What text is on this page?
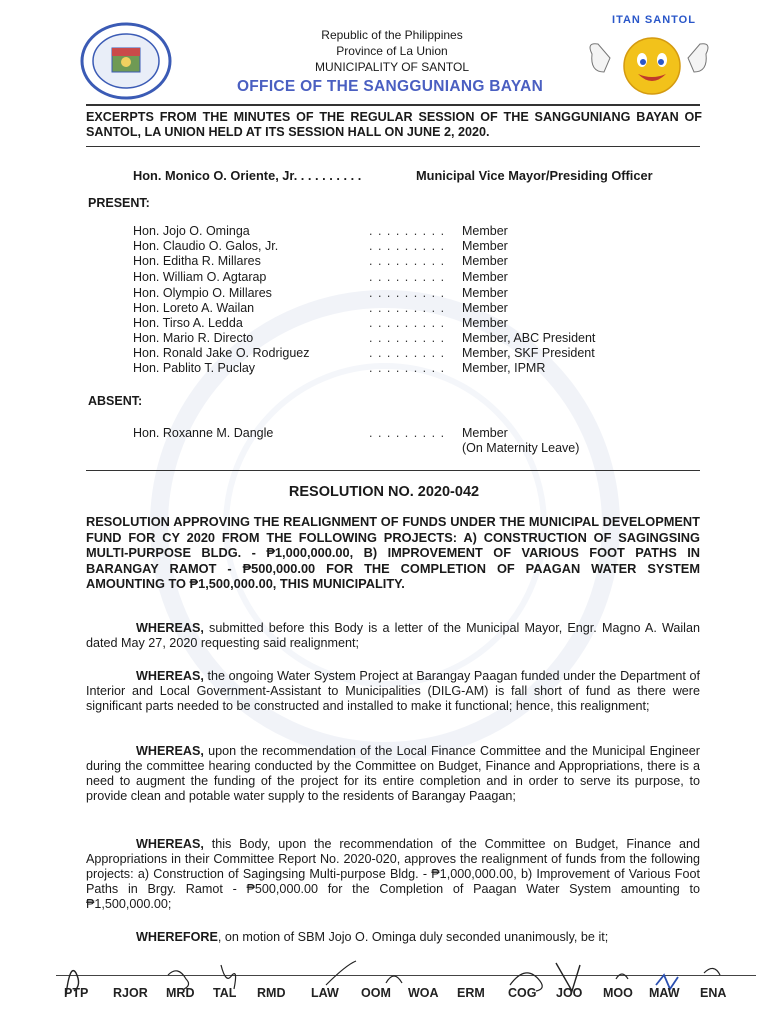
ITAN SANTOL
Republic of the Philippines
Province of La Union
MUNICIPALITY OF SANTOL
OFFICE OF THE SANGGUNIANG BAYAN
EXCERPTS FROM THE MINUTES OF THE REGULAR SESSION OF THE SANGGUNIANG BAYAN OF SANTOL, LA UNION HELD AT ITS SESSION HALL ON JUNE 2, 2020.
Hon. Monico O. Oriente, Jr. . . . . . . . . .	Municipal Vice Mayor/Presiding Officer
PRESENT:
Hon. Jojo O. Ominga	. . . . . . . . . Member
Hon. Claudio O. Galos, Jr.	. . . . . . . . . Member
Hon. Editha R. Millares	. . . . . . . . . Member
Hon. William O. Agtarap	. . . . . . . . . Member
Hon. Olympio O. Millares	. . . . . . . . . Member
Hon. Loreto A. Wailan	. . . . . . . . . Member
Hon. Tirso A. Ledda	. . . . . . . . . Member
Hon. Mario R. Directo	. . . . . . . . . Member, ABC President
Hon. Ronald Jake O. Rodriguez	. . . . . . . . . Member, SKF President
Hon. Pablito T. Puclay	. . . . . . . . . Member, IPMR
ABSENT:
Hon. Roxanne M. Dangle	. . . . . . . . . Member
(On Maternity Leave)
RESOLUTION NO. 2020-042
RESOLUTION APPROVING THE REALIGNMENT OF FUNDS UNDER THE MUNICIPAL DEVELOPMENT FUND FOR CY 2020 FROM THE FOLLOWING PROJECTS: A) CONSTRUCTION OF SAGINGSING MULTI-PURPOSE BLDG. - ₱1,000,000.00, B) IMPROVEMENT OF VARIOUS FOOT PATHS IN BARANGAY RAMOT - ₱500,000.00 FOR THE COMPLETION OF PAAGAN WATER SYSTEM AMOUNTING TO ₱1,500,000.00, THIS MUNICIPALITY.
WHEREAS, submitted before this Body is a letter of the Municipal Mayor, Engr. Magno A. Wailan dated May 27, 2020 requesting said realignment;
WHEREAS, the ongoing Water System Project at Barangay Paagan funded under the Department of Interior and Local Government-Assistant to Municipalities (DILG-AM) is fall short of fund as there were significant parts needed to be constructed and installed to make it functional; hence, this realignment;
WHEREAS, upon the recommendation of the Local Finance Committee and the Municipal Engineer during the committee hearing conducted by the Committee on Budget, Finance and Appropriations, there is a need to augment the funding of the project for its entire completion and in order to serve its purpose, to provide clean and potable water supply to the residents of Barangay Paagan;
WHEREAS, this Body, upon the recommendation of the Committee on Budget, Finance and Appropriations in their Committee Report No. 2020-020, approves the realignment of funds from the following projects: a) Construction of Sagingsing Multi-purpose Bldg. - ₱1,000,000.00, b) Improvement of Various Foot Paths in Brgy. Ramot - ₱500,000.00 for the Completion of Paagan Water System amounting to ₱1,500,000.00;
WHEREFORE, on motion of SBM Jojo O. Ominga duly seconded unanimously, be it;
PTP RJOR MRD TAL RMD LAW OOM WOA ERM COG JOO MOO MAW ENA
